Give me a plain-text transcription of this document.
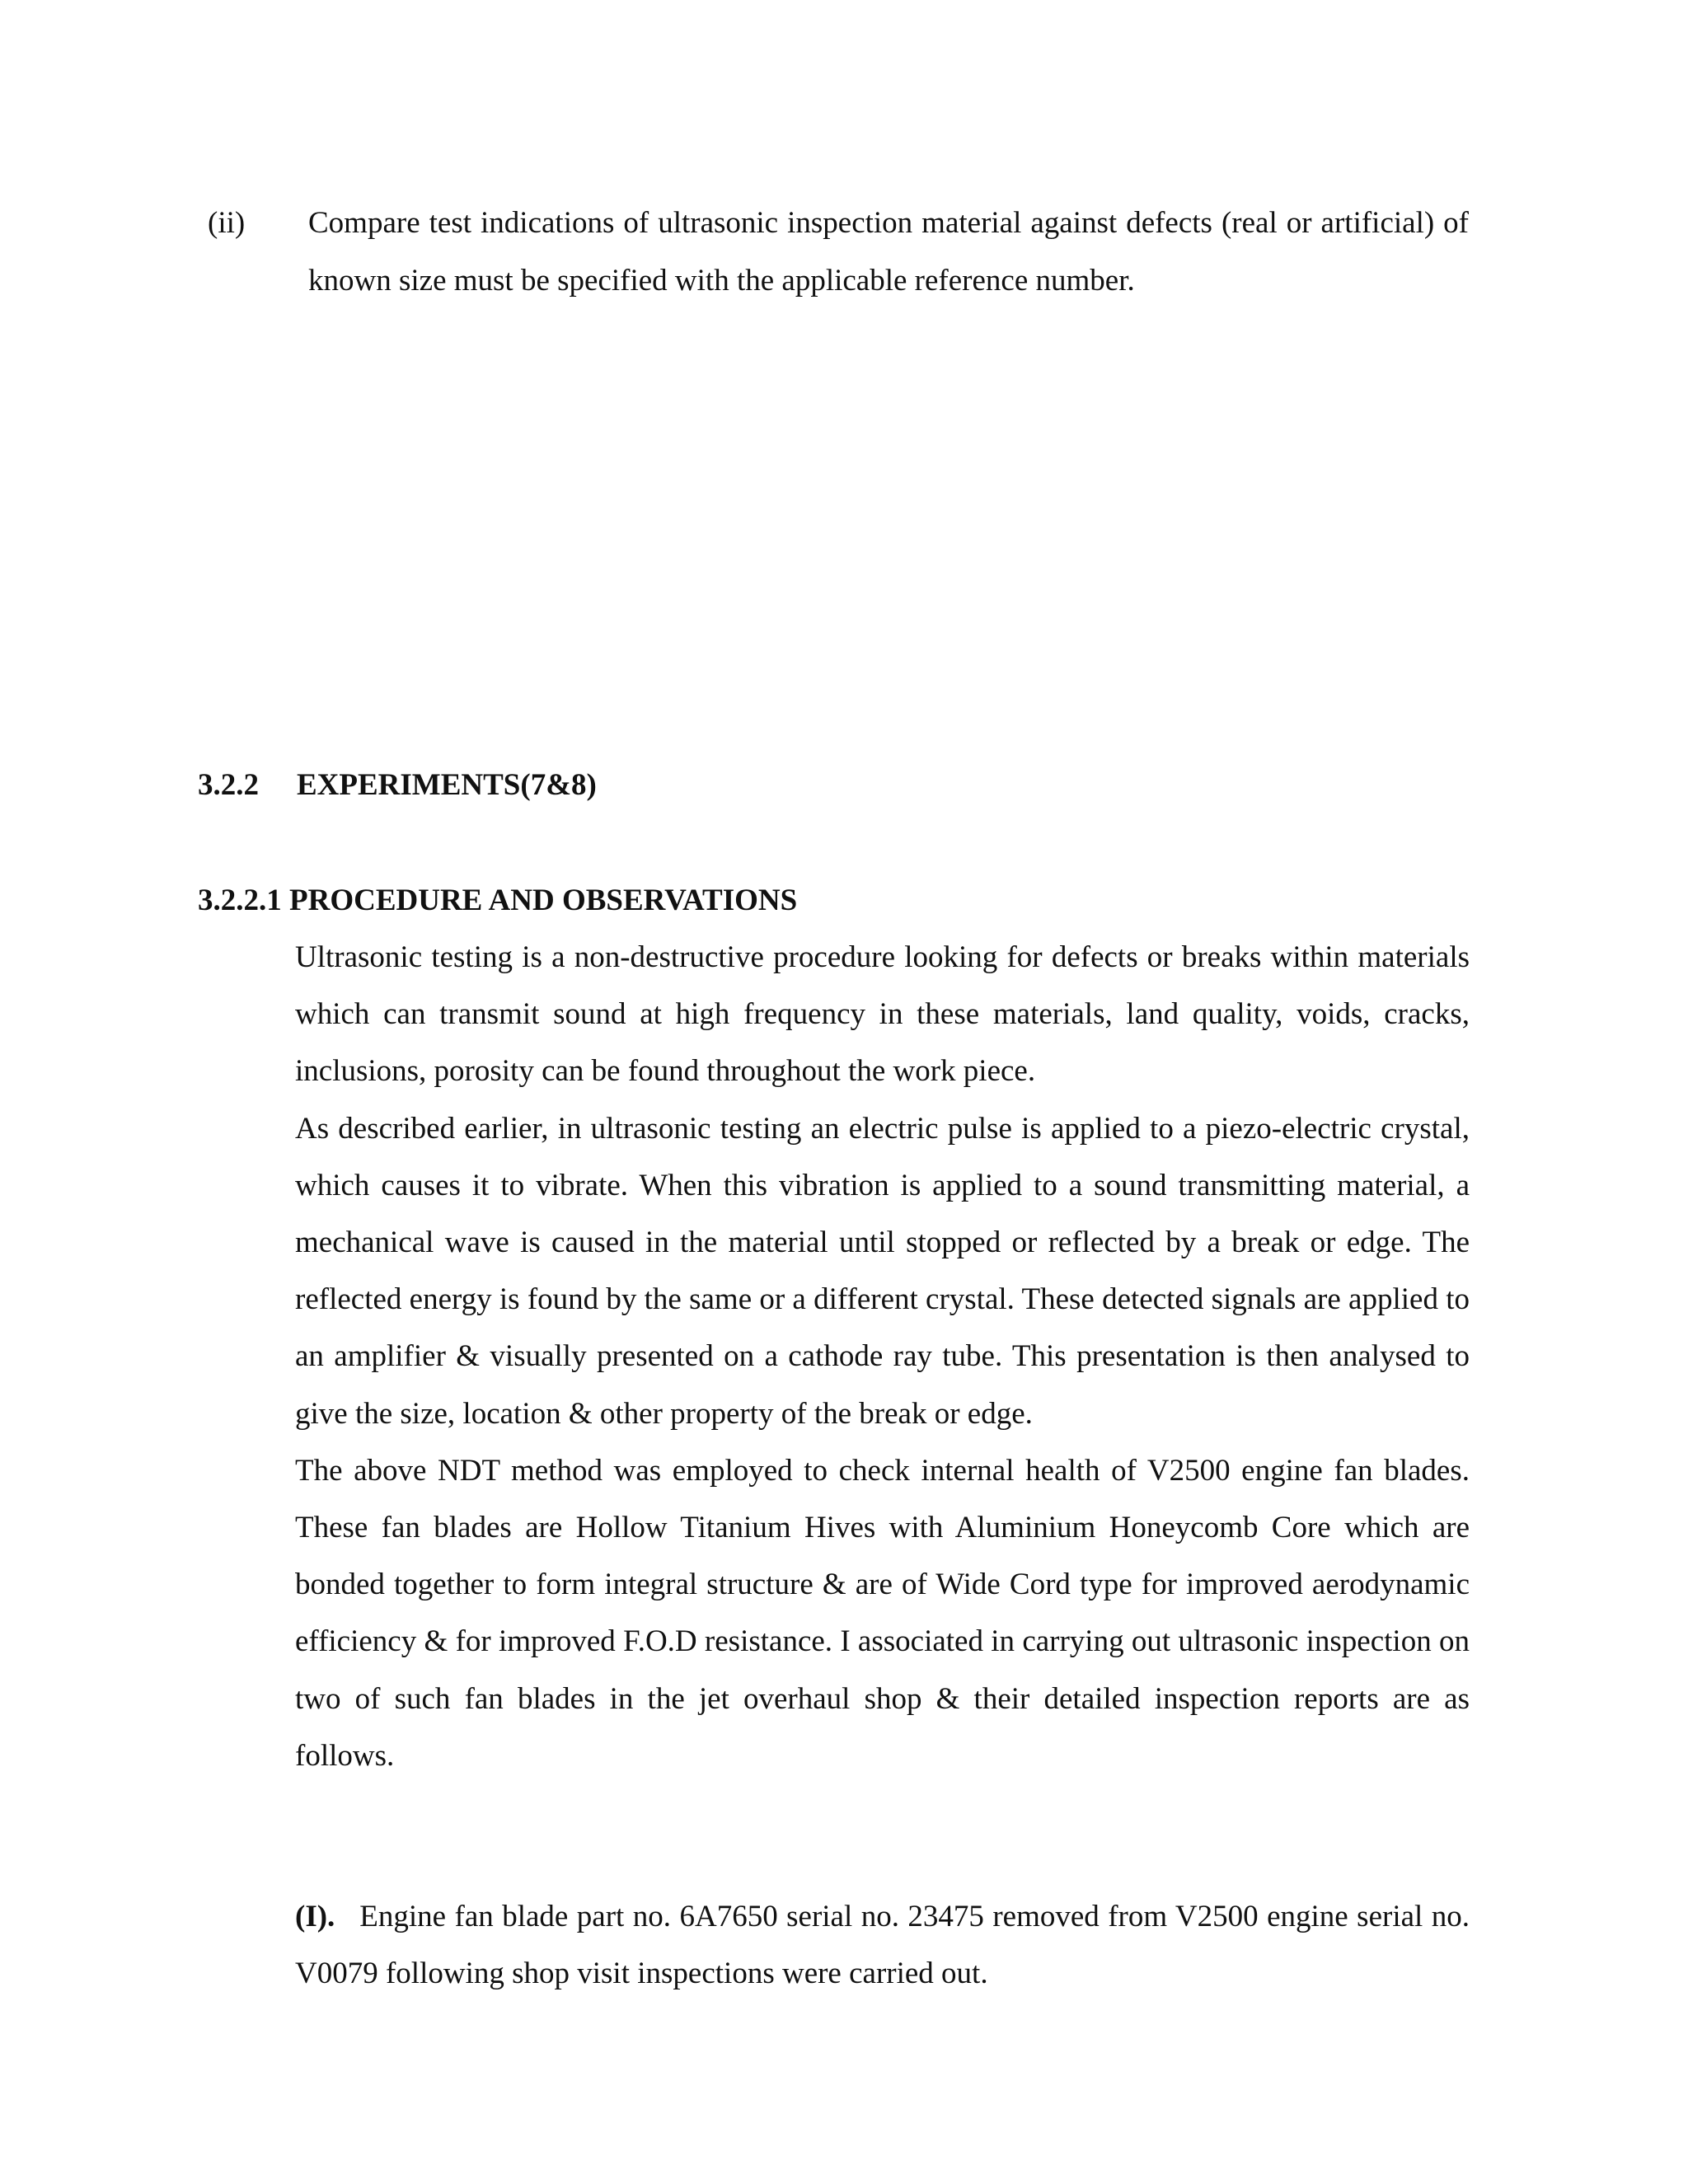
(ii) Compare test indications of ultrasonic inspection material against defects (real or artificial) of known size must be specified with the applicable reference number.
3.2.2 EXPERIMENTS(7&8)
3.2.2.1 PROCEDURE AND OBSERVATIONS

Ultrasonic testing is a non-destructive procedure looking for defects or breaks within materials which can transmit sound at high frequency in these materials, land quality, voids, cracks, inclusions, porosity can be found throughout the work piece.

As described earlier, in ultrasonic testing an electric pulse is applied to a piezo-electric crystal, which causes it to vibrate. When this vibration is applied to a sound transmitting material, a mechanical wave is caused in the material until stopped or reflected by a break or edge. The reflected energy is found by the same or a different crystal. These detected signals are applied to an amplifier & visually presented on a cathode ray tube. This presentation is then analysed to give the size, location & other property of the break or edge.

The above NDT method was employed to check internal health of V2500 engine fan blades. These fan blades are Hollow Titanium Hives with Aluminium Honeycomb Core which are bonded together to form integral structure & are of Wide Cord type for improved aerodynamic efficiency & for improved F.O.D resistance. I associated in carrying out ultrasonic inspection on two of such fan blades in the jet overhaul shop & their detailed inspection reports are as follows.

(I). Engine fan blade part no. 6A7650 serial no. 23475 removed from V2500 engine serial no. V0079 following shop visit inspections were carried out.
